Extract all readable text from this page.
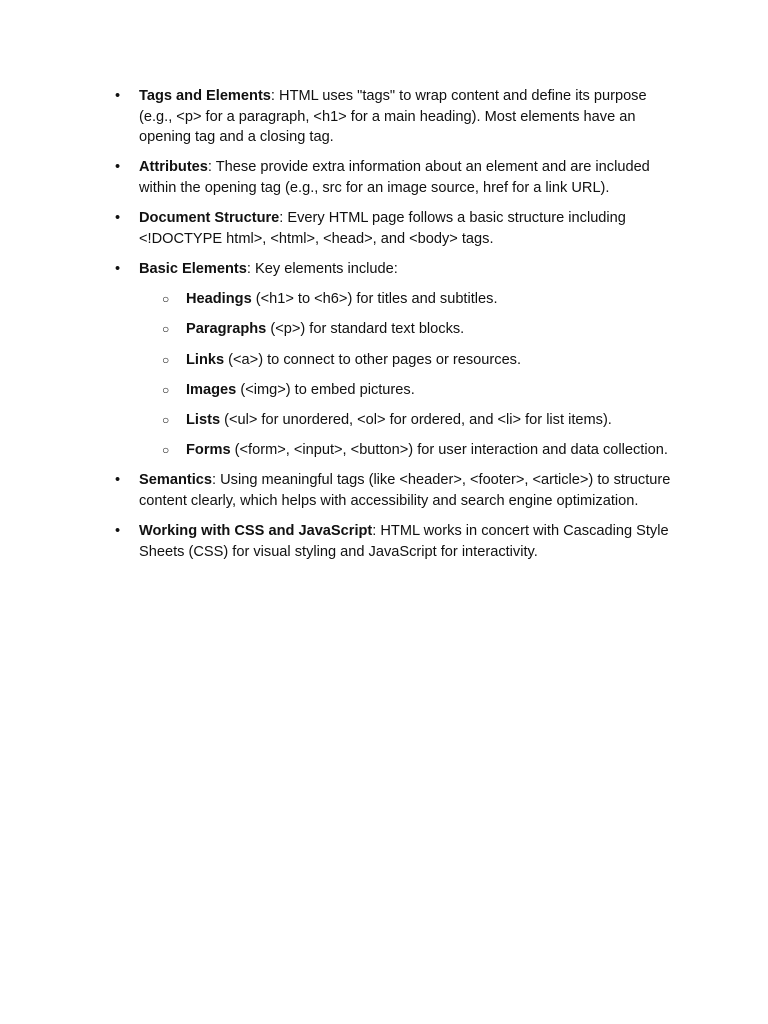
•	Tags and Elements: HTML uses "tags" to wrap content and define its purpose (e.g., <p> for a paragraph, <h1> for a main heading). Most elements have an opening tag and a closing tag.
•	Attributes: These provide extra information about an element and are included within the opening tag (e.g., src for an image source, href for a link URL).
•	Document Structure: Every HTML page follows a basic structure including <!DOCTYPE html>, <html>, <head>, and <body> tags.
•	Basic Elements: Key elements include:
○ Headings (<h1> to <h6>) for titles and subtitles.
○ Paragraphs (<p>) for standard text blocks.
○ Links (<a>) to connect to other pages or resources.
○ Images (<img>) to embed pictures.
○ Lists (<ul> for unordered, <ol> for ordered, and <li> for list items).
○ Forms (<form>, <input>, <button>) for user interaction and data collection.
•	Semantics: Using meaningful tags (like <header>, <footer>, <article>) to structure content clearly, which helps with accessibility and search engine optimization.
•	Working with CSS and JavaScript: HTML works in concert with Cascading Style Sheets (CSS) for visual styling and JavaScript for interactivity.
